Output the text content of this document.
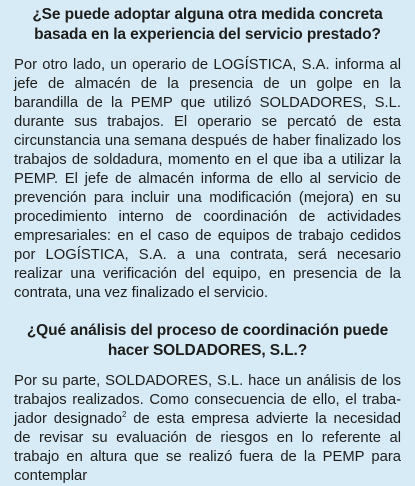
¿Se puede adoptar alguna otra medida concreta basada en la experiencia del servicio prestado?

Por otro lado, un operario de LOGÍSTICA, S.A. informa al jefe de almacén de la presencia de un golpe en la barandilla de la PEMP que utilizó SOLDADORES, S.L. durante sus trabajos. El operario se percató de esta circunstancia una semana después de haber finalizado los trabajos de soldadura, momento en el que iba a utilizar la PEMP. El jefe de almacén informa de ello al servicio de prevención para incluir una modificación (mejora) en su procedimiento interno de coordinación de actividades empresariales: en el caso de equipos de trabajo cedidos por LOGÍSTICA, S.A. a una contrata, será necesario realizar una verificación del equipo, en presencia de la contrata, una vez finalizado el servicio.

¿Qué análisis del proceso de coordinación puede hacer SOLDADORES, S.L.?

Por su parte, SOLDADORES, S.L. hace un análisis de los trabajos realizados. Como consecuencia de ello, el trabajador designado$^2$ de esta empresa advierte la necesidad de revisar su evaluación de riesgos en lo referente al trabajo en altura que se realizó fuera de la PEMP para contemplar
